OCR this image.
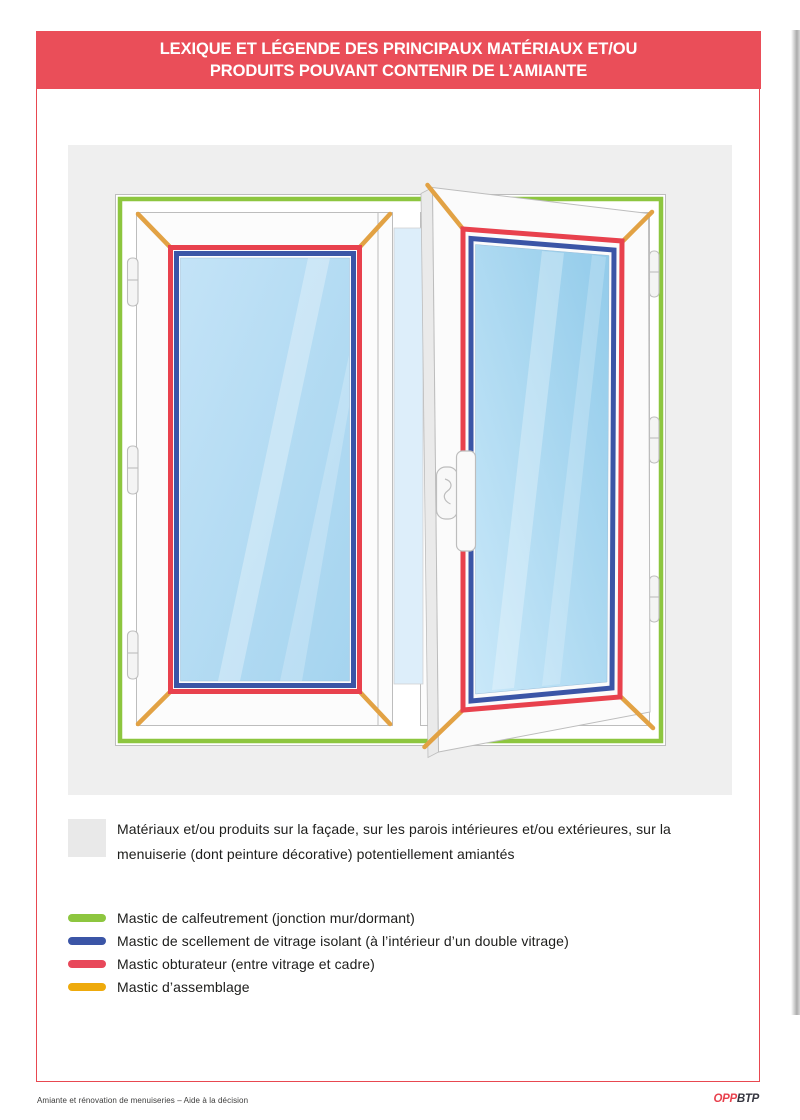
LEXIQUE ET LÉGENDE DES PRINCIPAUX MATÉRIAUX ET/OU
PRODUITS POUVANT CONTENIR DE L’AMIANTE
Matériaux et/ou produits sur la façade, sur les parois intérieures et/ou extérieures, sur la
menuiserie (dont peinture décorative) potentiellement amiantés
Mastic de calfeutrement (jonction mur/dormant)
Mastic de scellement de vitrage isolant (à l’intérieur d’un double vitrage)
Mastic obturateur (entre vitrage et cadre)
Mastic d’assemblage
Amiante et rénovation de menuiseries – Aide à la décision	OPPBTP
